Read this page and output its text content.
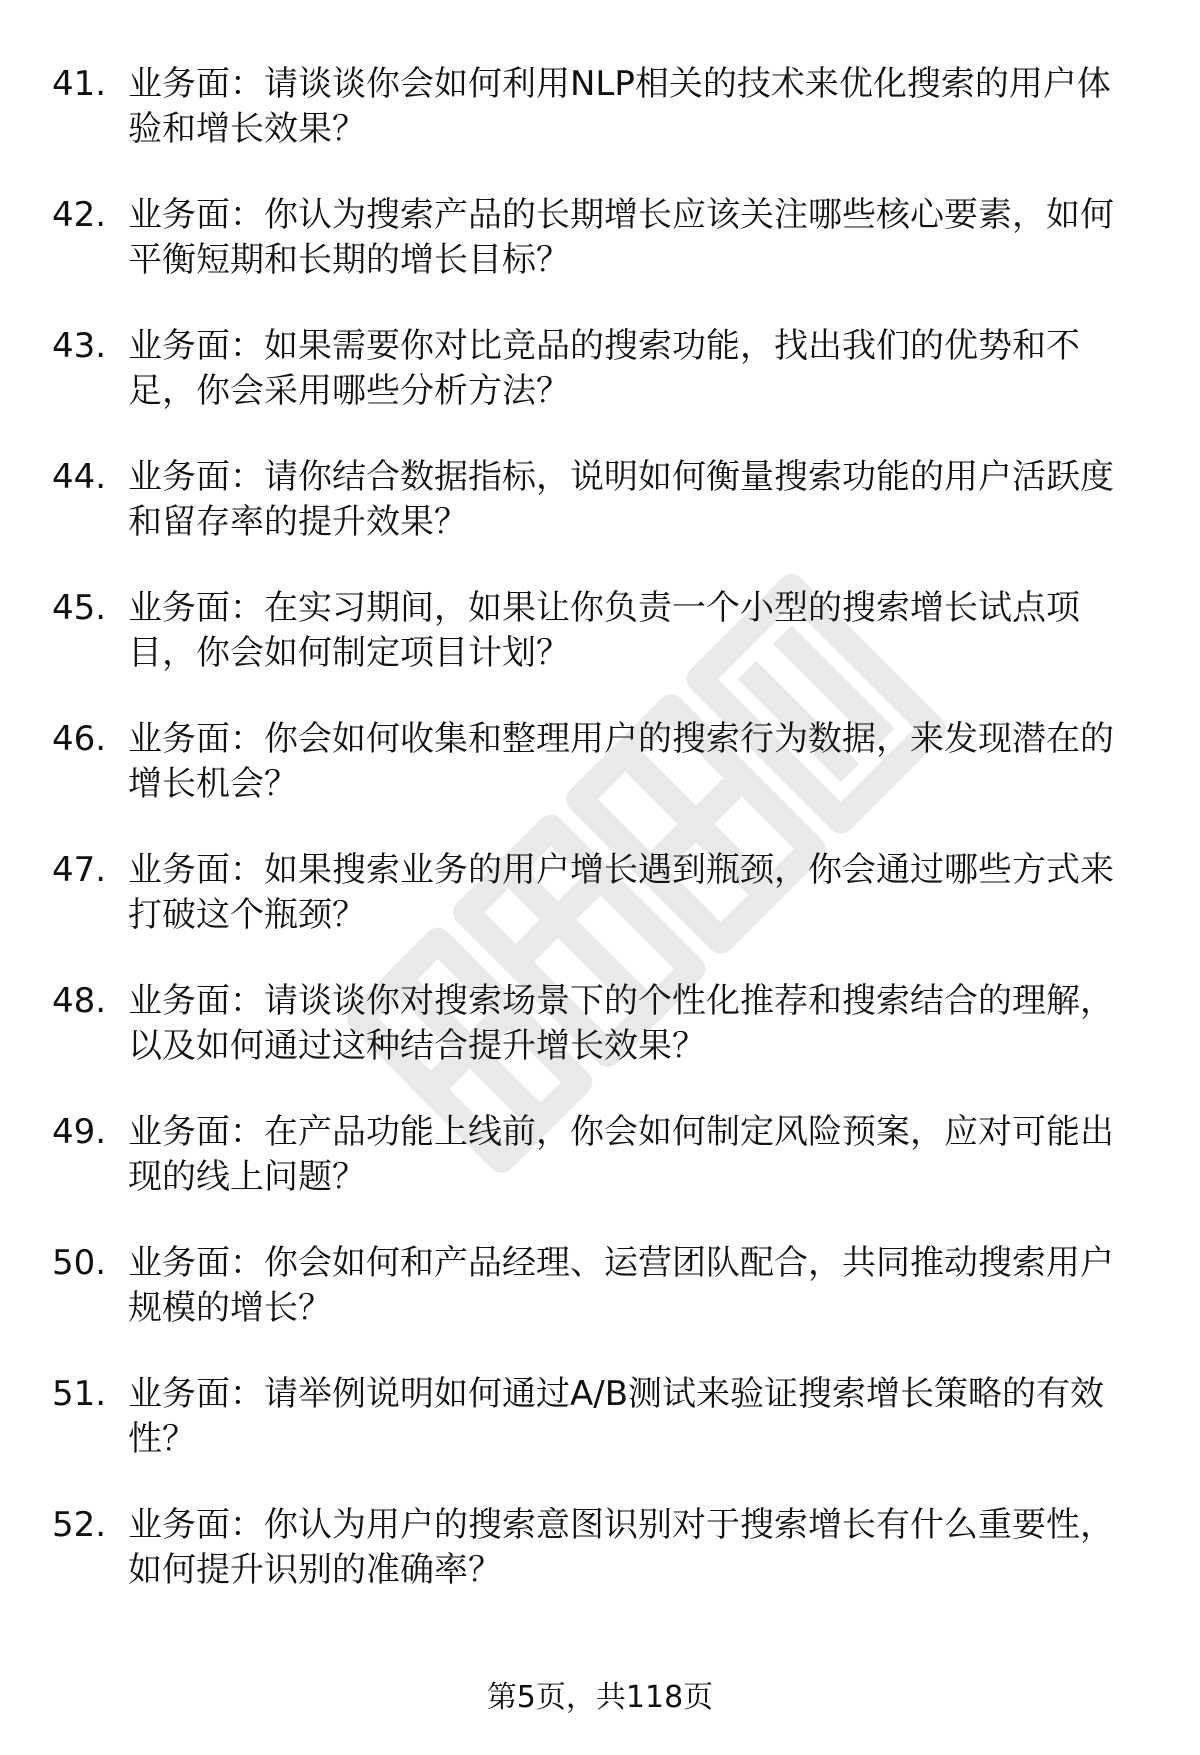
41. 业务面：请谈谈你会如何利用NLP相关的技术来优化搜索的用户体验和增长效果？
42. 业务面：你认为搜索产品的长期增长应该关注哪些核心要素，如何平衡短期和长期的增长目标？
43. 业务面：如果需要你对比竞品的搜索功能，找出我们的优势和不足，你会采用哪些分析方法？
44. 业务面：请你结合数据指标，说明如何衡量搜索功能的用户活跃度和留存率的提升效果？
45. 业务面：在实习期间，如果让你负责一个小型的搜索增长试点项目，你会如何制定项目计划？
46. 业务面：你会如何收集和整理用户的搜索行为数据，来发现潜在的增长机会？
47. 业务面：如果搜索业务的用户增长遇到瓶颈，你会通过哪些方式来打破这个瓶颈？
48. 业务面：请谈谈你对搜索场景下的个性化推荐和搜索结合的理解，以及如何通过这种结合提升增长效果？
49. 业务面：在产品功能上线前，你会如何制定风险预案，应对可能出现的线上问题？
50. 业务面：你会如何和产品经理、运营团队配合，共同推动搜索用户规模的增长？
51. 业务面：请举例说明如何通过A/B测试来验证搜索增长策略的有效性？
52. 业务面：你认为用户的搜索意图识别对于搜索增长有什么重要性，如何提升识别的准确率？
第5页，共118页
